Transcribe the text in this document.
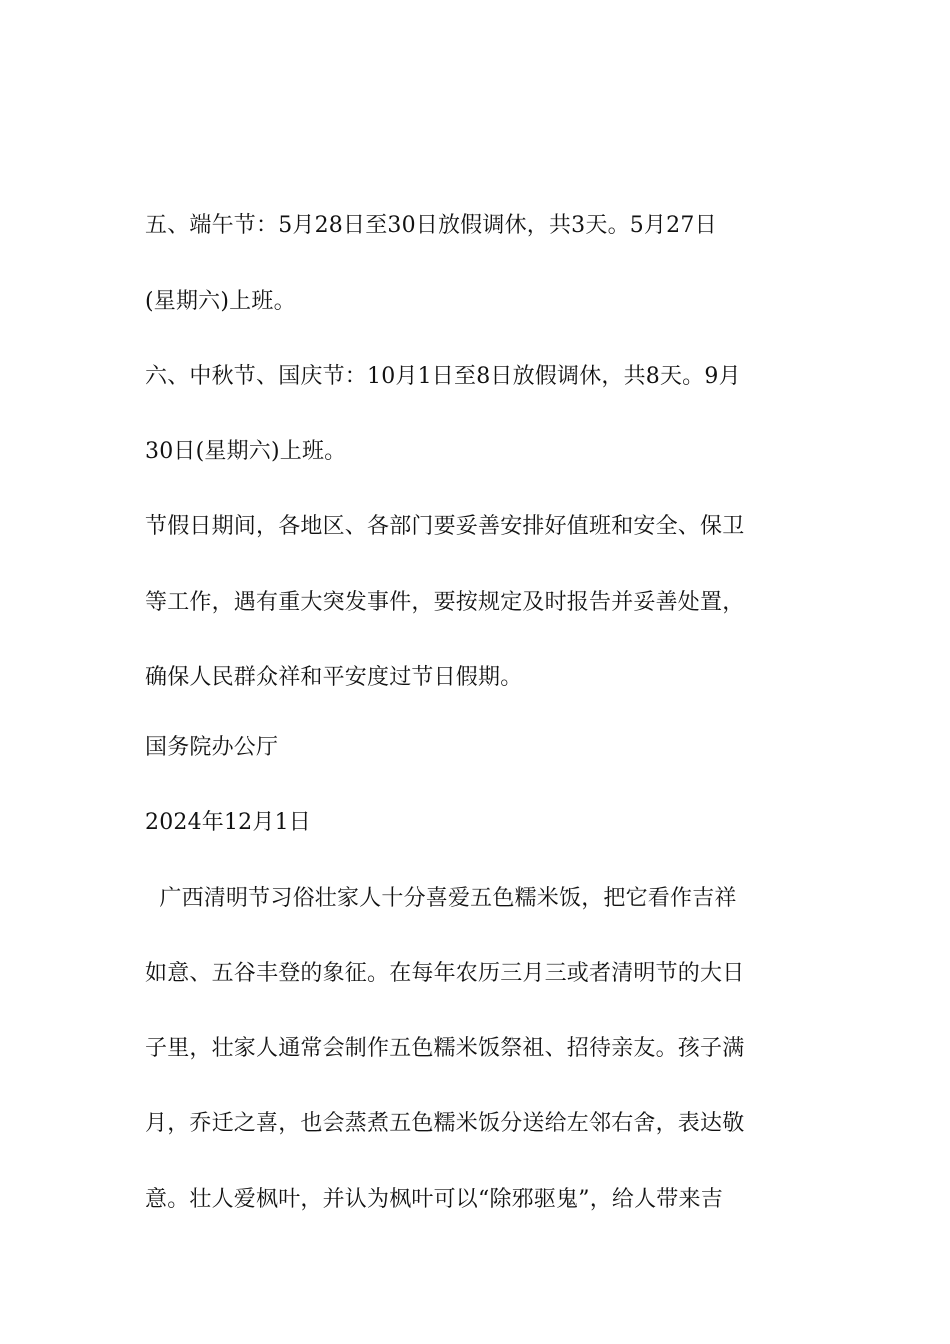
五、端午节：5月28日至30日放假调休，共3天。5月27日
(星期六)上班。
六、中秋节、国庆节：10月1日至8日放假调休，共8天。9月
30日(星期六)上班。
节假日期间，各地区、各部门要妥善安排好值班和安全、保卫
等工作，遇有重大突发事件，要按规定及时报告并妥善处置，
确保人民群众祥和平安度过节日假期。
国务院办公厅
2024年12月1日
广西清明节习俗壮家人十分喜爱五色糯米饭，把它看作吉祥
如意、五谷丰登的象征。在每年农历三月三或者清明节的大日
子里，壮家人通常会制作五色糯米饭祭祖、招待亲友。孩子满
月，乔迁之喜，也会蒸煮五色糯米饭分送给左邻右舍，表达敬
意。壮人爱枫叶，并认为枫叶可以“除邪驱鬼”，给人带来吉
